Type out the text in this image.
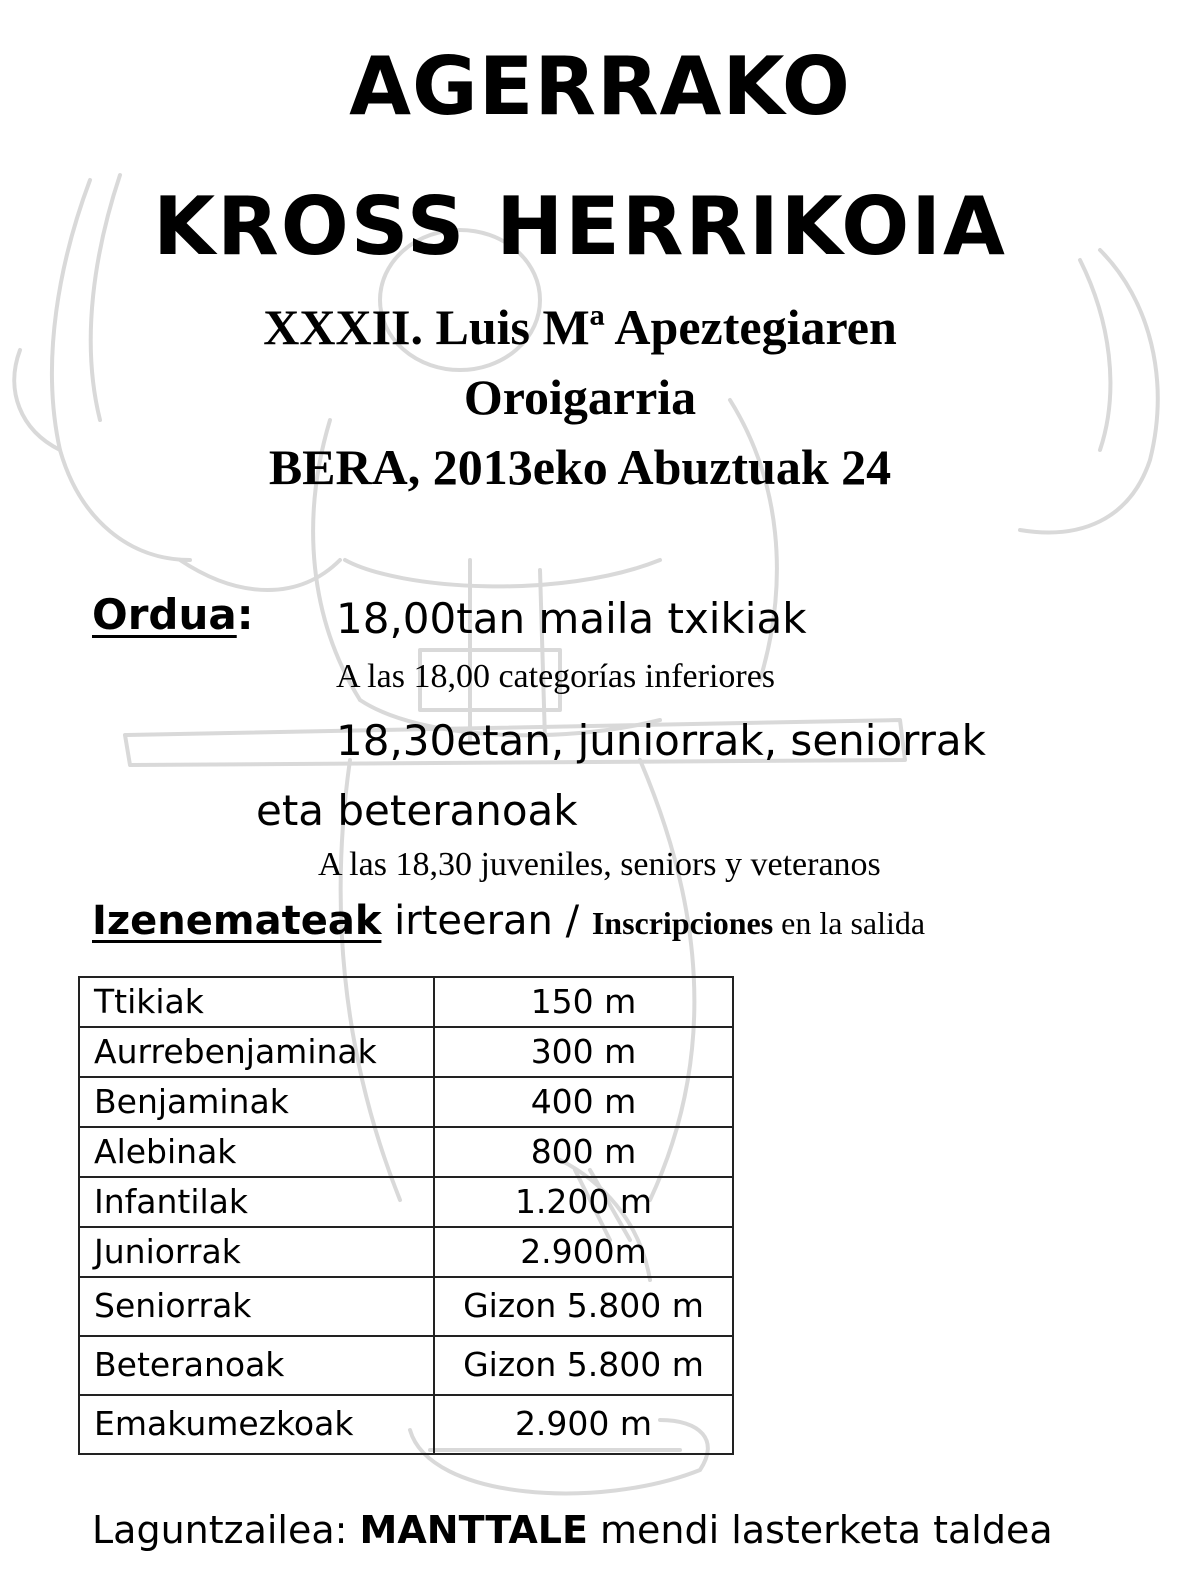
AGERRAKO
KROSS HERRIKOIA
XXXII. Luis Mª Apeztegiaren
Oroigarria
BERA, 2013eko Abuztuak 24
Ordua: 18,00tan maila txikiak
A las 18,00 categorías inferiores
18,30etan, juniorrak, seniorrak
eta beteranoak
A las 18,30 juveniles, seniors y veteranos
Izenemateak irteeran / Inscripciones en la salida
Ttikiak	150 m
Aurrebenjaminak	300 m
Benjaminak	400 m
Alebinak	800 m
Infantilak	1.200 m
Juniorrak	2.900m
Seniorrak	Gizon 5.800 m
Beteranoak	Gizon 5.800 m
Emakumezkoak	2.900 m
Laguntzailea: MANTTALE mendi lasterketa taldea
